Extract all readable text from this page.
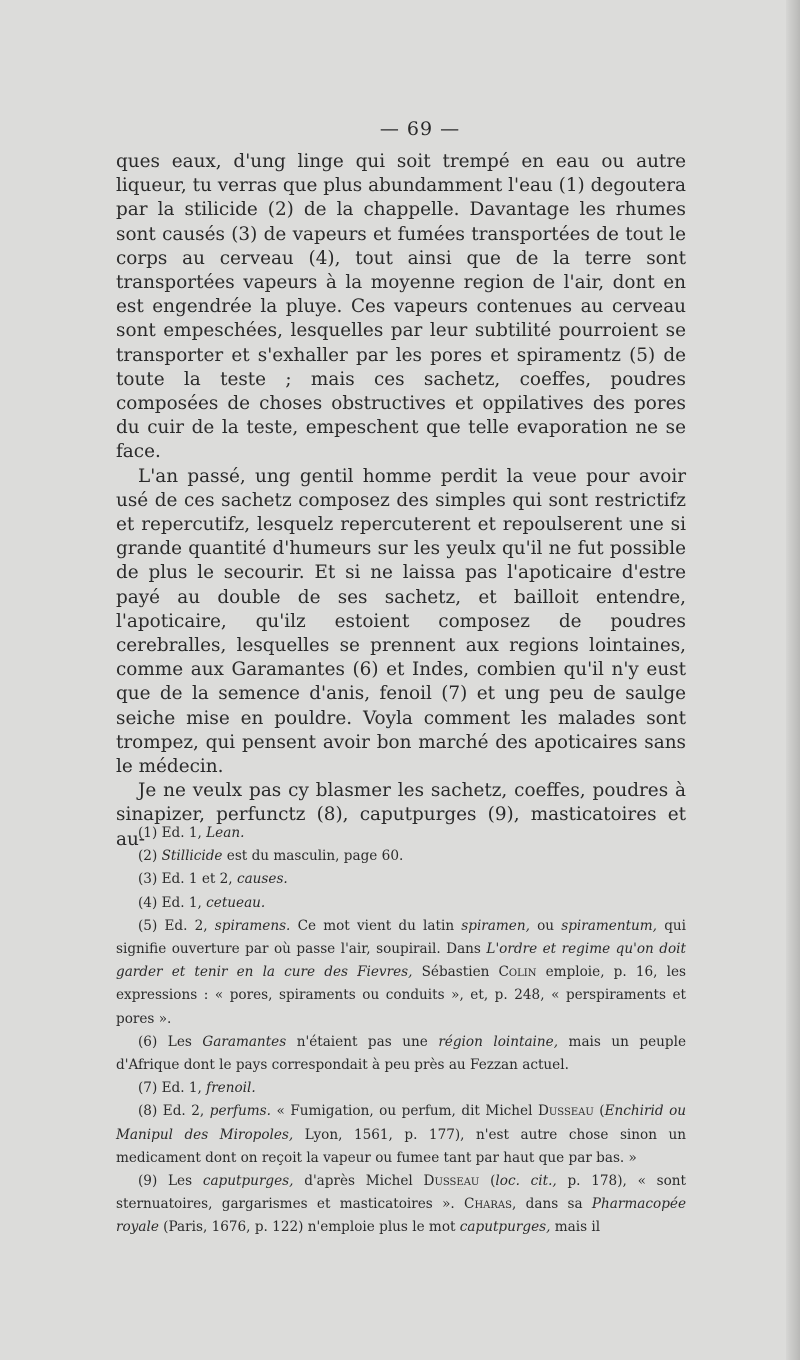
— 69 —

ques eaux, d'ung linge qui soit trempé en eau ou autre liqueur, tu verras que plus abundamment l'eau (1) degoutera par la stilicide (2) de la chappelle. Davantage les rhumes sont causés (3) de vapeurs et fumées transportées de tout le corps au cerveau (4), tout ainsi que de la terre sont transportées vapeurs à la moyenne region de l'air, dont en est engendrée la pluye. Ces vapeurs contenues au cerveau sont empeschées, lesquelles par leur subtilité pourroient se transporter et s'exhaller par les pores et spiramentz (5) de toute la teste ; mais ces sachetz, coeffes, poudres composées de choses obstructives et oppilatives des pores du cuir de la teste, empeschent que telle evaporation ne se face.

L'an passé, ung gentil homme perdit la veue pour avoir usé de ces sachetz composez des simples qui sont restrictifz et repercutifz, lesquelz repercuterent et repoulserent une si grande quantité d'humeurs sur les yeulx qu'il ne fut possible de plus le secourir. Et si ne laissa pas l'apoticaire d'estre payé au double de ses sachetz, et bailloit entendre, l'apoticaire, qu'ilz estoient composez de poudres cerebralles, lesquelles se prennent aux regions lointaines, comme aux Garamantes (6) et Indes, combien qu'il n'y eust que de la semence d'anis, fenoil (7) et ung peu de saulge seiche mise en pouldre. Voyla comment les malades sont trompez, qui pensent avoir bon marché des apoticaires sans le médecin.

Je ne veulx pas cy blasmer les sachetz, coeffes, poudres à sinapizer, perfunctz (8), caputpurges (9), masticatoires et au-

(1) Ed. 1, Lean.

(2) Stillicide est du masculin, page 60.

(3) Ed. 1 et 2, causes.

(4) Ed. 1, cetueau.

(5) Ed. 2, spiramens. Ce mot vient du latin spiramen, ou spiramentum, qui signifie ouverture par où passe l'air, soupirail. Dans L'ordre et regime qu'on doit garder et tenir en la cure des Fievres, Sébastien Colin emploie, p. 16, les expressions : « pores, spiraments ou conduits », et, p. 248, « perspiraments et pores ».

(6) Les Garamantes n'étaient pas une région lointaine, mais un peuple d'Afrique dont le pays correspondait à peu près au Fezzan actuel.

(7) Ed. 1, frenoil.

(8) Ed. 2, perfums. « Fumigation, ou perfum, dit Michel Dusseau (Enchirid ou Manipul des Miropoles, Lyon, 1561, p. 177), n'est autre chose sinon un medicament dont on reçoit la vapeur ou fumee tant par haut que par bas. »

(9) Les caputpurges, d'après Michel Dusseau (loc. cit., p. 178), « sont sternuatoires, gargarismes et masticatoires ». Charas, dans sa Pharmacopée royale (Paris, 1676, p. 122) n'emploie plus le mot caputpurges, mais il
